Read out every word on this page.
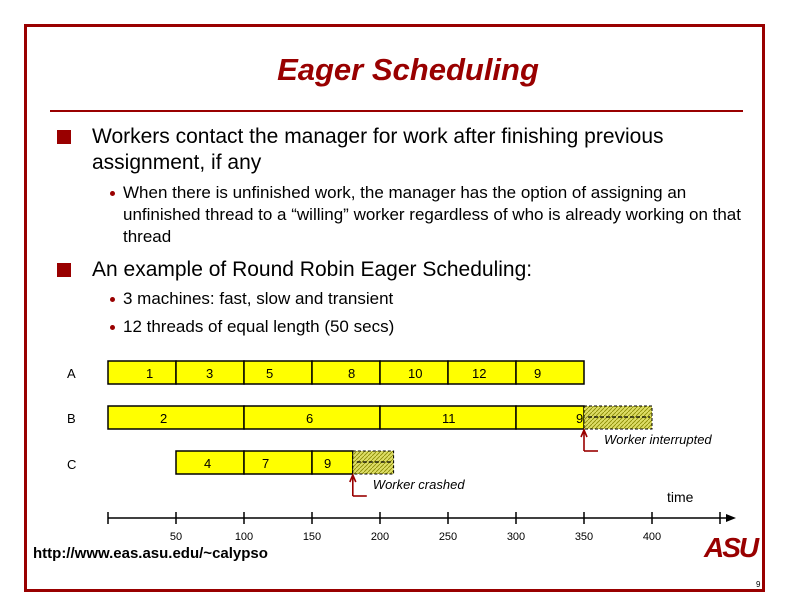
Eager Scheduling
Workers contact the manager for work after finishing previous assignment, if any
When there is unfinished work, the manager has the option of assigning an unfinished thread to a “willing” worker regardless of who is already working on that thread
An example of Round Robin Eager Scheduling:
3 machines: fast, slow and transient
12 threads of equal length (50 secs)
A	1	3	5	8	10	12	9
B	2	6	11	9
Worker interrupted
C	4	7	9
Worker crashed
50	100	150	200	250	300	350	400
time
http://www.eas.asu.edu/~calypso	ASU
9
